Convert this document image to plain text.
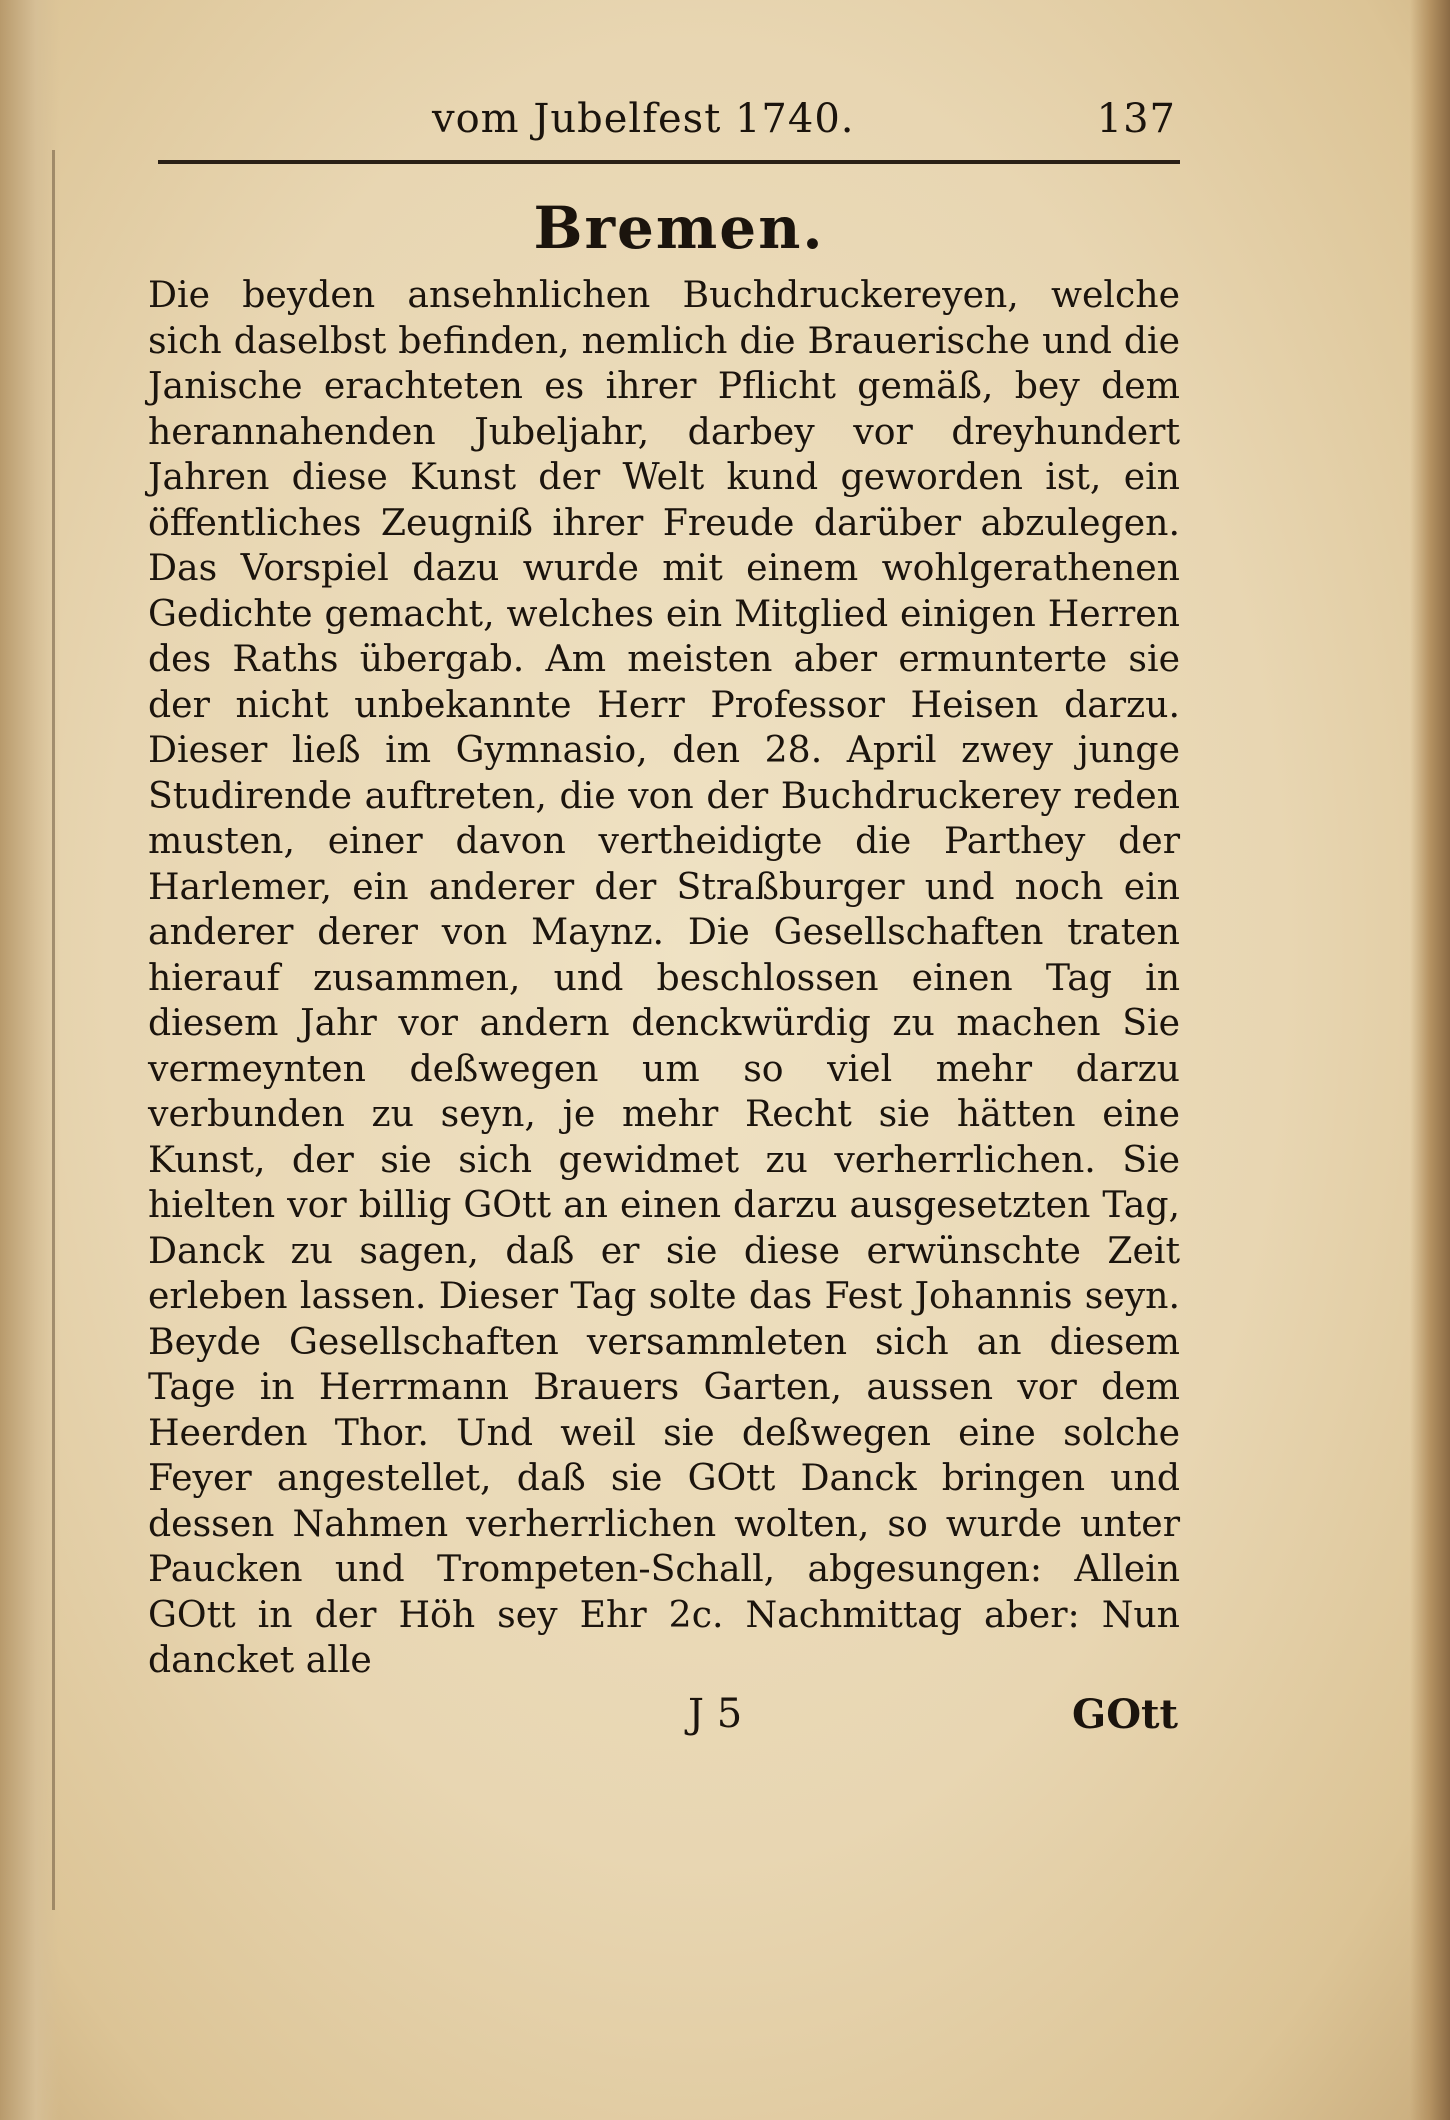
vom Jubelfest 1740.	137
Bremen.

Die beyden ansehnlichen Buchdruckereyen, welche sich daselbst befinden, nemlich die Brauerische und die Janische erachteten es ihrer Pflicht gemäß, bey dem herannahenden Jubeljahr, darbey vor dreyhundert Jahren diese Kunst der Welt kund geworden ist, ein öffentliches Zeugniß ihrer Freude darüber abzulegen. Das Vorspiel dazu wurde mit einem wohlgerathenen Gedichte gemacht, welches ein Mitglied einigen Herren des Raths übergab. Am meisten aber ermunterte sie der nicht unbekannte Herr Professor Heisen darzu. Dieser ließ im Gymnasio, den 28. April zwey junge Studirende auftreten, die von der Buchdruckerey reden musten, einer davon vertheidigte die Parthey der Harlemer, ein anderer der Straßburger und noch ein anderer derer von Maynz. Die Gesellschaften traten hierauf zusammen, und beschlossen einen Tag in diesem Jahr vor andern denckwürdig zu machen Sie vermeynten deßwegen um so viel mehr darzu verbunden zu seyn, je mehr Recht sie hätten eine Kunst, der sie sich gewidmet zu verherrlichen. Sie hielten vor billig GOtt an einen darzu ausgesetzten Tag, Danck zu sagen, daß er sie diese erwünschte Zeit erleben lassen. Dieser Tag solte das Fest Johannis seyn. Beyde Gesellschaften versammleten sich an diesem Tage in Herrmann Brauers Garten, aussen vor dem Heerden Thor. Und weil sie deßwegen eine solche Feyer angestellet, daß sie GOtt Danck bringen und dessen Nahmen verherrlichen wolten, so wurde unter Paucken und Trompeten-Schall, abgesungen: Allein GOtt in der Höh sey Ehr 2c. Nachmittag aber: Nun dancket alle

J 5	GOtt
